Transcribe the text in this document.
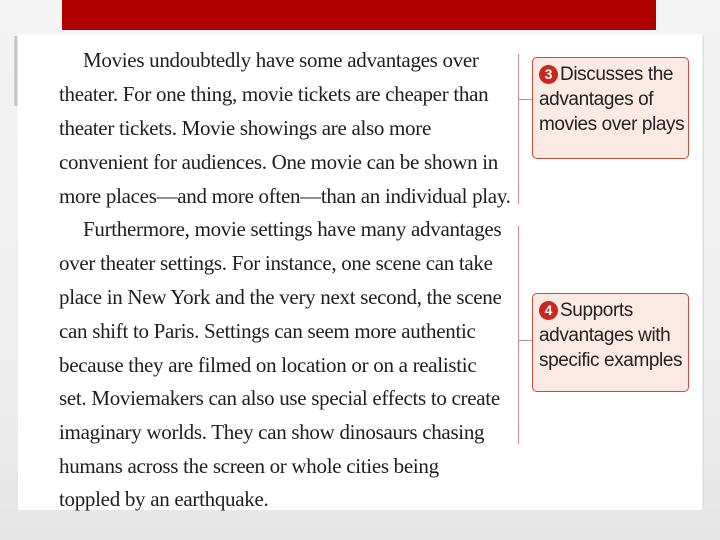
Movies undoubtedly have some advantages over
theater. For one thing, movie tickets are cheaper than
theater tickets. Movie showings are also more
convenient for audiences. One movie can be shown in
more places—and more often—than an individual play.
Furthermore, movie settings have many advantages
over theater settings. For instance, one scene can take
place in New York and the very next second, the scene
can shift to Paris. Settings can seem more authentic
because they are filmed on location or on a realistic
set. Moviemakers can also use special effects to create
imaginary worlds. They can show dinosaurs chasing
humans across the screen or whole cities being
toppled by an earthquake.
3 Discusses the
advantages of
movies over plays
4 Supports
advantages with
specific examples
